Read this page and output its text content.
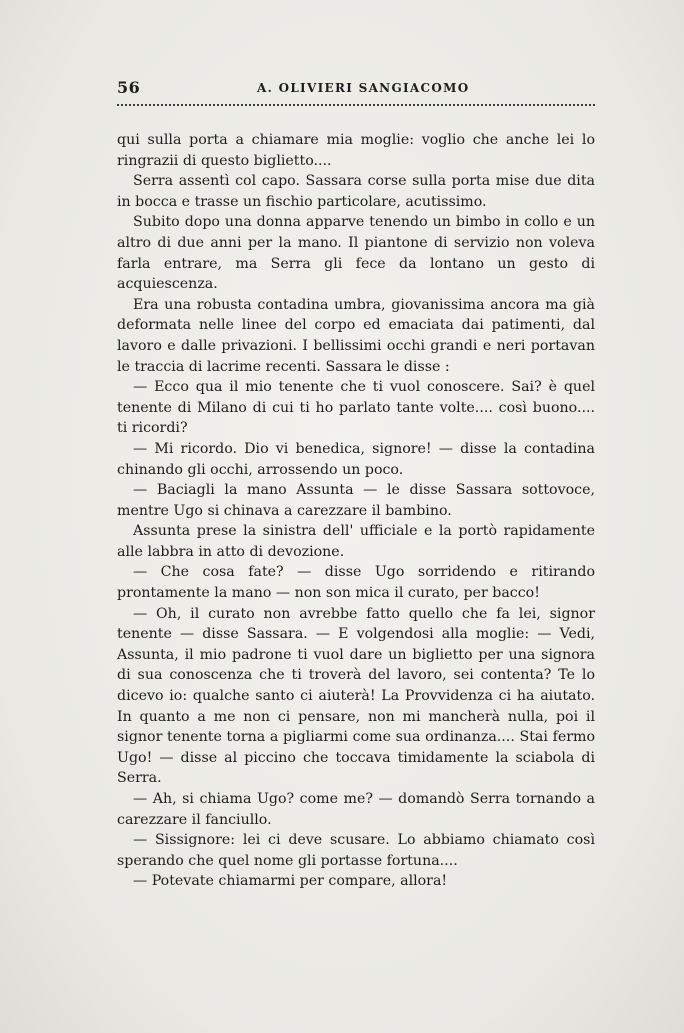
56	A. OLIVIERI SANGIACOMO

qui sulla porta a chiamare mia moglie: voglio che anche lei lo ringrazii di questo biglietto....

Serra assentì col capo. Sassara corse sulla porta mise due dita in bocca e trasse un fischio particolare, acutissimo.

Subito dopo una donna apparve tenendo un bimbo in collo e un altro di due anni per la mano. Il piantone di servizio non voleva farla entrare, ma Serra gli fece da lontano un gesto di acquiescenza.

Era una robusta contadina umbra, giovanissima ancora ma già deformata nelle linee del corpo ed emaciata dai patimenti, dal lavoro e dalle privazioni. I bellissimi occhi grandi e neri portavan le traccia di lacrime recenti. Sassara le disse :

— Ecco qua il mio tenente che ti vuol conoscere. Sai? è quel tenente di Milano di cui ti ho parlato tante volte.... così buono.... ti ricordi?

— Mi ricordo. Dio vi benedica, signore! — disse la contadina chinando gli occhi, arrossendo un poco.

— Baciagli la mano Assunta — le disse Sassara sottovoce, mentre Ugo si chinava a carezzare il bambino.

Assunta prese la sinistra dell' ufficiale e la portò rapidamente alle labbra in atto di devozione.

— Che cosa fate? — disse Ugo sorridendo e ritirando prontamente la mano — non son mica il curato, per bacco!

— Oh, il curato non avrebbe fatto quello che fa lei, signor tenente — disse Sassara. — E volgendosi alla moglie: — Vedi, Assunta, il mio padrone ti vuol dare un biglietto per una signora di sua conoscenza che ti troverà del lavoro, sei contenta? Te lo dicevo io: qualche santo ci aiuterà! La Provvidenza ci ha aiutato. In quanto a me non ci pensare, non mi mancherà nulla, poi il signor tenente torna a pigliarmi come sua ordinanza.... Stai fermo Ugo! — disse al piccino che toccava timidamente la sciabola di Serra.

— Ah, si chiama Ugo? come me? — domandò Serra tornando a carezzare il fanciullo.

— Sissignore: lei ci deve scusare. Lo abbiamo chiamato così sperando che quel nome gli portasse fortuna....

— Potevate chiamarmi per compare, allora!
